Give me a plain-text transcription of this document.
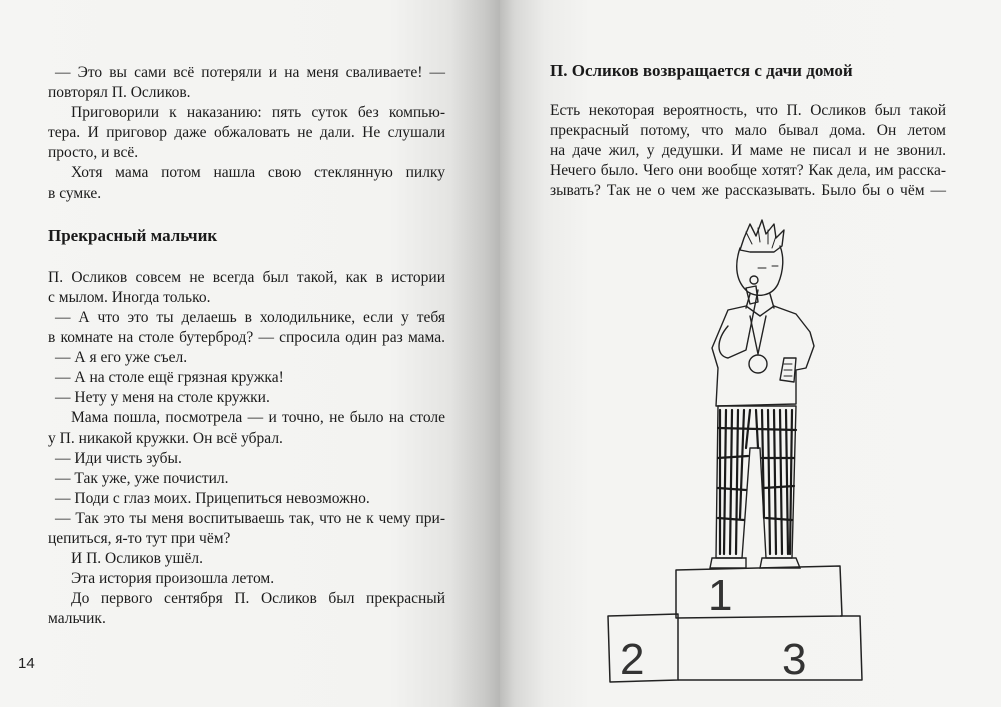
— Это вы сами всё потеряли и на меня сваливаете! —
повторял П. Осликов.
Приговорили к наказанию: пять суток без компью-
тера. И приговор даже обжаловать не дали. Не слушали
просто, и всё.
Хотя мама потом нашла свою стеклянную пилку
в сумке.
Прекрасный мальчик
П. Осликов совсем не всегда был такой, как в истории
с мылом. Иногда только.
— А что это ты делаешь в холодильнике, если у тебя
в комнате на столе бутерброд? — спросила один раз мама.
— А я его уже съел.
— А на столе ещё грязная кружка!
— Нету у меня на столе кружки.
Мама пошла, посмотрела — и точно, не было на столе
у П. никакой кружки. Он всё убрал.
— Иди чисть зубы.
— Так уже, уже почистил.
— Поди с глаз моих. Прицепиться невозможно.
— Так это ты меня воспитываешь так, что не к чему при-
цепиться, я-то тут при чём?
И П. Осликов ушёл.
Эта история произошла летом.
До первого сентября П. Осликов был прекрасный
мальчик.
14
П. Осликов возвращается с дачи домой
Есть некоторая вероятность, что П. Осликов был такой
прекрасный потому, что мало бывал дома. Он летом
на даче жил, у дедушки. И маме не писал и не звонил.
Нечего было. Чего они вообще хотят? Как дела, им расска-
зывать? Так не о чем же рассказывать. Было бы о чём —
1
2	3
